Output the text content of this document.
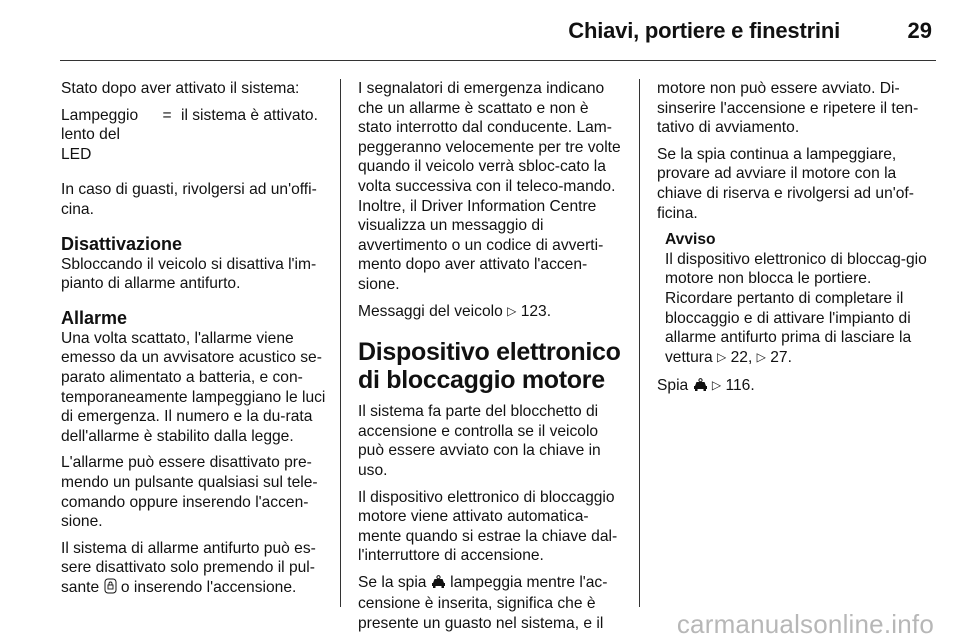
Chiavi, portiere e finestrini	29

Stato dopo aver attivato il sistema:

Lampeggio lento del LED
= il sistema è attivato.

In caso di guasti, rivolgersi ad un'offi-cina.

Disattivazione

Sbloccando il veicolo si disattiva l'im-pianto di allarme antifurto.

Allarme

Una volta scattato, l'allarme viene emesso da un avvisatore acustico se-parato alimentato a batteria, e con-temporaneamente lampeggiano le luci di emergenza. Il numero e la du-rata dell'allarme è stabilito dalla legge.

L'allarme può essere disattivato pre-mendo un pulsante qualsiasi sul tele-comando oppure inserendo l'accen-sione.

Il sistema di allarme antifurto può es-sere disattivato solo premendo il pul-sante o inserendo l'accensione.

I segnalatori di emergenza indicano che un allarme è scattato e non è stato interrotto dal conducente. Lam-peggeranno velocemente per tre volte quando il veicolo verrà sbloc-cato la volta successiva con il teleco-mando. Inoltre, il Driver Information Centre visualizza un messaggio di avvertimento o un codice di avverti-mento dopo aver attivato l'accen-sione.

Messaggi del veicolo ▷ 123.

Dispositivo elettronico di bloccaggio motore

Il sistema fa parte del blocchetto di accensione e controlla se il veicolo può essere avviato con la chiave in uso.

Il dispositivo elettronico di bloccaggio motore viene attivato automatica-mente quando si estrae la chiave dal-l'interruttore di accensione.

Se la spia lampeggia mentre l'ac-censione è inserita, significa che è presente un guasto nel sistema, e il

motore non può essere avviato. Di-sinserire l'accensione e ripetere il ten-tativo di avviamento.

Se la spia continua a lampeggiare, provare ad avviare il motore con la chiave di riserva e rivolgersi ad un'of-ficina.

Avviso
Il dispositivo elettronico di bloccag-gio motore non blocca le portiere. Ricordare pertanto di completare il bloccaggio e di attivare l'impianto di allarme antifurto prima di lasciare la vettura ▷ 22, ▷ 27.

Spia ▷ 116.

carmanualsonline.info
